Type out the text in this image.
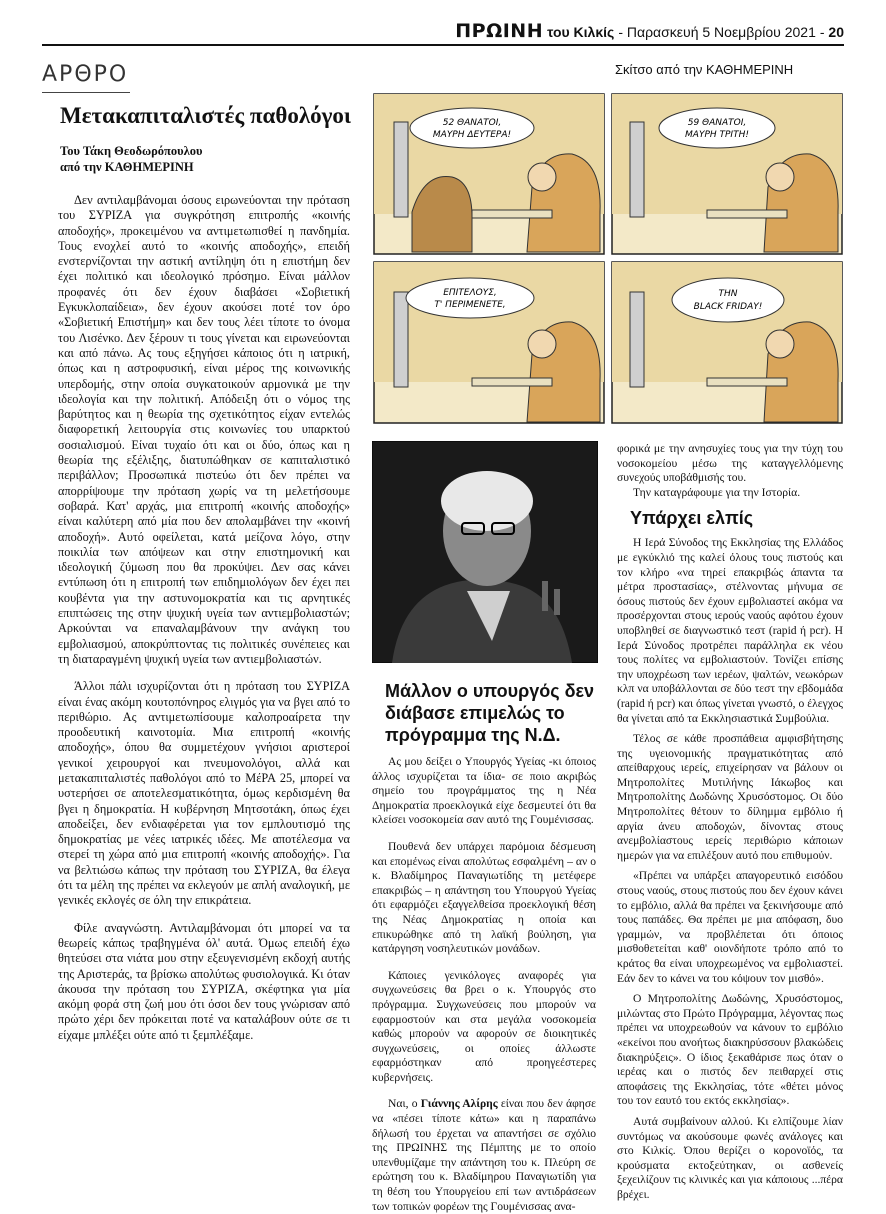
ΠΡΩΙΝΗ του Κιλκίς - Παρασκευή 5 Νοεμβρίου 2021 - 20
ΑΡΘΡΟ	Σκίτσο από την ΚΑΘΗΜΕΡΙΝΗ
52 ΘΑΝΑΤΟΙ,
ΜΑΥΡΗ ΔΕΥΤΕΡΑ!
59 ΘΑΝΑΤΟΙ,
ΜΑΥΡΗ ΤΡΙΤΗ!
ΕΠΙΤΕΛΟΥΣ,
Τ' ΠΕΡΙΜΕΝΕΤΕ,
ΤΗΝ
BLACK FRIDAY!
Μετακαπιταλιστές παθολόγοι
Του Τάκη Θεοδωρόπουλου
από την ΚΑΘΗΜΕΡΙΝΗ

Δεν αντιλαμβάνομαι όσους ειρωνεύονται την πρόταση του ΣΥΡΙΖΑ για συγκρότηση επιτροπής «κοινής αποδοχής», προκειμένου να αντιμετωπισθεί η πανδημία. Τους ενοχλεί αυτό το «κοινής αποδοχής», επειδή ενστερνίζονται την αστική αντίληψη ότι η επιστήμη δεν έχει πολιτικό και ιδεολογικό πρόσημο. Είναι μάλλον προφανές ότι δεν έχουν διαβάσει «Σοβιετική Εγκυκλοπαίδεια», δεν έχουν ακούσει ποτέ τον όρο «Σοβιετική Επιστήμη» και δεν τους λέει τίποτε το όνομα του Λισένκο. Δεν ξέρουν τι τους γίνεται και ειρωνεύονται και από πάνω. Ας τους εξηγήσει κάποιος ότι η ιατρική, όπως και η αστροφυσική, είναι μέρος της κοινωνικής υπερδομής, στην οποία συγκατοικούν αρμονικά με την ιδεολογία και την πολιτική. Απόδειξη ότι ο νόμος της βαρύτητος και η θεωρία της σχετικότητος είχαν εντελώς διαφορετική λειτουργία στις κοινωνίες του υπαρκτού σοσιαλισμού. Είναι τυχαίο ότι και οι δύο, όπως και η θεωρία της εξέλιξης, διατυπώθηκαν σε καπιταλιστικό περιβάλλον; Προσωπικά πιστεύω ότι δεν πρέπει να απορρίψουμε την πρόταση χωρίς να τη μελετήσουμε σοβαρά. Κατ' αρχάς, μια επιτροπή «κοινής αποδοχής» είναι καλύτερη από μία που δεν απολαμβάνει την «κοινή αποδοχή». Αυτό οφείλεται, κατά μείζονα λόγο, στην ποικιλία των απόψεων και στην επιστημονική και ιδεολογική ζύμωση που θα προκύψει. Δεν σας κάνει εντύπωση ότι η επιτροπή των επιδημιολόγων δεν έχει πει κουβέντα για την αστυνομοκρατία και τις αρνητικές επιπτώσεις της στην ψυχική υγεία των αντιεμβολιαστών; Αρκούνται να επαναλαμβάνουν την ανάγκη του εμβολιασμού, αποκρύπτοντας τις πολιτικές συνέπειες και τη διαταραγμένη ψυχική υγεία των αντιεμβολιαστών.

Άλλοι πάλι ισχυρίζονται ότι η πρόταση του ΣΥΡΙΖΑ είναι ένας ακόμη κουτοπόνηρος ελιγμός για να βγει από το περιθώριο. Ας αντιμετωπίσουμε καλοπροαίρετα την προοδευτική καινοτομία. Μια επιτροπή «κοινής αποδοχής», όπου θα συμμετέχουν γνήσιοι αριστεροί γενικοί χειρουργοί και πνευμονολόγοι, αλλά και μετακαπιταλιστές παθολόγοι από το ΜέΡΑ 25, μπορεί να υστερήσει σε αποτελεσματικότητα, όμως κερδισμένη θα βγει η δημοκρατία. Η κυβέρνηση Μητσοτάκη, όπως έχει αποδείξει, δεν ενδιαφέρεται για τον εμπλουτισμό της δημοκρατίας με νέες ιατρικές ιδέες. Με αποτέλεσμα να στερεί τη χώρα από μια επιτροπή «κοινής αποδοχής». Για να βελτιώσω κάπως την πρόταση του ΣΥΡΙΖΑ, θα έλεγα ότι τα μέλη της πρέπει να εκλεγούν με απλή αναλογική, με γενικές εκλογές σε όλη την επικράτεια.

Φίλε αναγνώστη. Αντιλαμβάνομαι ότι μπορεί να τα θεωρείς κάπως τραβηγμένα όλ' αυτά. Όμως επειδή έχω θητεύσει στα νιάτα μου στην εξευγενισμένη εκδοχή αυτής της Αριστεράς, τα βρίσκω απολύτως φυσιολογικά. Κι όταν άκουσα την πρόταση του ΣΥΡΙΖΑ, σκέφτηκα για μία ακόμη φορά στη ζωή μου ότι όσοι δεν τους γνώρισαν από πρώτο χέρι δεν πρόκειται ποτέ να καταλάβουν ούτε σε τι είχαμε μπλέξει ούτε από τι ξεμπλέξαμε.

Μάλλον ο υπουργός δεν διάβασε επιμελώς το πρόγραμμα της Ν.Δ.

Ας μου δείξει ο Υπουργός Υγείας -κι όποιος άλλος ισχυρίζεται τα ίδια- σε ποιο ακριβώς σημείο του προγράμματος της η Νέα Δημοκρατία προεκλογικά είχε δεσμευτεί ότι θα κλείσει νοσοκομεία σαν αυτό της Γουμένισσας.

Πουθενά δεν υπάρχει παρόμοια δέσμευση και επομένως είναι απολύτως εσφαλμένη – αν ο κ. Βλαδίμηρος Παναγιωτίδης τη μετέφερε επακριβώς – η απάντηση του Υπουργού Υγείας ότι εφαρμόζει εξαγγελθείσα προεκλογική θέση της Νέας Δημοκρατίας η οποία και επικυρώθηκε από τη λαϊκή βούληση, για κατάργηση νοσηλευτικών μονάδων.

Κάποιες γενικόλογες αναφορές για συγχωνεύσεις θα βρει ο κ. Υπουργός στο πρόγραμμα. Συγχωνεύσεις που μπορούν να εφαρμοστούν και στα μεγάλα νοσοκομεία καθώς μπορούν να αφορούν σε διοικητικές συγχωνεύσεις, οι οποίες άλλωστε εφαρμόστηκαν από προηγεέστερες κυβερνήσεις.

Ναι, ο Γιάννης Αλίρης είναι που δεν άφησε να «πέσει τίποτε κάτω» και η παραπάνω δήλωσή του έρχεται να απαντήσει σε σχόλιο της ΠΡΩΙΝΗΣ της Πέμπτης με το οποίο υπενθυμίζαμε την απάντηση του κ. Πλεύρη σε ερώτηση του κ. Βλαδίμηρου Παναγιωτίδη για τη θέση του Υπουργείου επί των αντιδράσεων των τοπικών φορέων της Γουμένισσας ανα-

φορικά με την ανησυχίες τους για την τύχη του νοσοκομείου μέσω της καταγγελλόμενης συνεχούς υποβάθμισής του.

Την καταγράφουμε για την Ιστορία.

Η Ιερά Σύνοδος της Εκκλησίας της Ελλάδος με εγκύκλιό της καλεί όλους τους πιστούς και τον κλήρο «να τηρεί επακριβώς άπαντα τα μέτρα προστασίας», στέλνοντας μήνυμα σε όσους πιστούς δεν έχουν εμβολιαστεί ακόμα να προσέρχονται στους ιερούς ναούς αφότου έχουν υποβληθεί σε διαγνωστικό τεστ (rapid ή pcr). Η Ιερά Σύνοδος προτρέπει παράλληλα εκ νέου τους πολίτες να εμβολιαστούν. Τονίζει επίσης την υποχρέωση των ιερέων, ψαλτών, νεωκόρων κλπ να υποβάλλονται σε δύο τεστ την εβδομάδα (rapid ή pcr) και όπως γίνεται γνωστό, ο έλεγχος θα γίνεται από τα Εκκλησιαστικά Συμβούλια.

Τέλος σε κάθε προσπάθεια αμφισβήτησης της υγειονομικής πραγματικότητας από απείθαρχους ιερείς, επιχείρησαν να βάλουν οι Μητροπολίτες Μυτιλήνης Ιάκωβος και Μητροπολίτης Δωδώνης Χρυσόστομος. Οι δύο Μητροπολίτες θέτουν το δίλημμα εμβόλιο ή αργία άνευ αποδοχών, δίνοντας στους ανεμβολίαστους ιερείς περιθώριο κάποιων ημερών για να επιλέξουν αυτό που επιθυμούν.

«Πρέπει να υπάρξει απαγορευτικό εισόδου στους ναούς, στους πιστούς που δεν έχουν κάνει το εμβόλιο, αλλά θα πρέπει να ξεκινήσουμε από τους παπάδες. Θα πρέπει με μια απόφαση, δυο γραμμών, να προβλέπεται ότι όποιος μισθοθετείται καθ' οιονδήποτε τρόπο από το κράτος θα είναι υποχρεωμένος να εμβολιαστεί. Εάν δεν το κάνει να του κόψουν τον μισθό».

Ο Μητροπολίτης Δωδώνης, Χρυσόστομος, μιλώντας στο Πρώτο Πρόγραμμα, λέγοντας πως πρέπει να υποχρεωθούν να κάνουν το εμβόλιο «εκείνοι που ανοήτως διακηρύσσουν βλακώδεις διακηρύξεις». Ο ίδιος ξεκαθάρισε πως όταν ο ιερέας και ο πιστός δεν πειθαρχεί στις αποφάσεις της Εκκλησίας, τότε «θέτει μόνος του τον εαυτό του εκτός εκκλησίας».

Αυτά συμβαίνουν αλλού. Κι ελπίζουμε λίαν συντόμως να ακούσουμε φωνές ανάλογες και στο Κιλκίς. Όπου θερίζει ο κορονοϊός, τα κρούσματα εκτοξεύτηκαν, οι ασθενείς ξεχειλίζουν τις κλινικές και για κάποιους ...πέρα βρέχει.

Υπάρχει ελπίς
